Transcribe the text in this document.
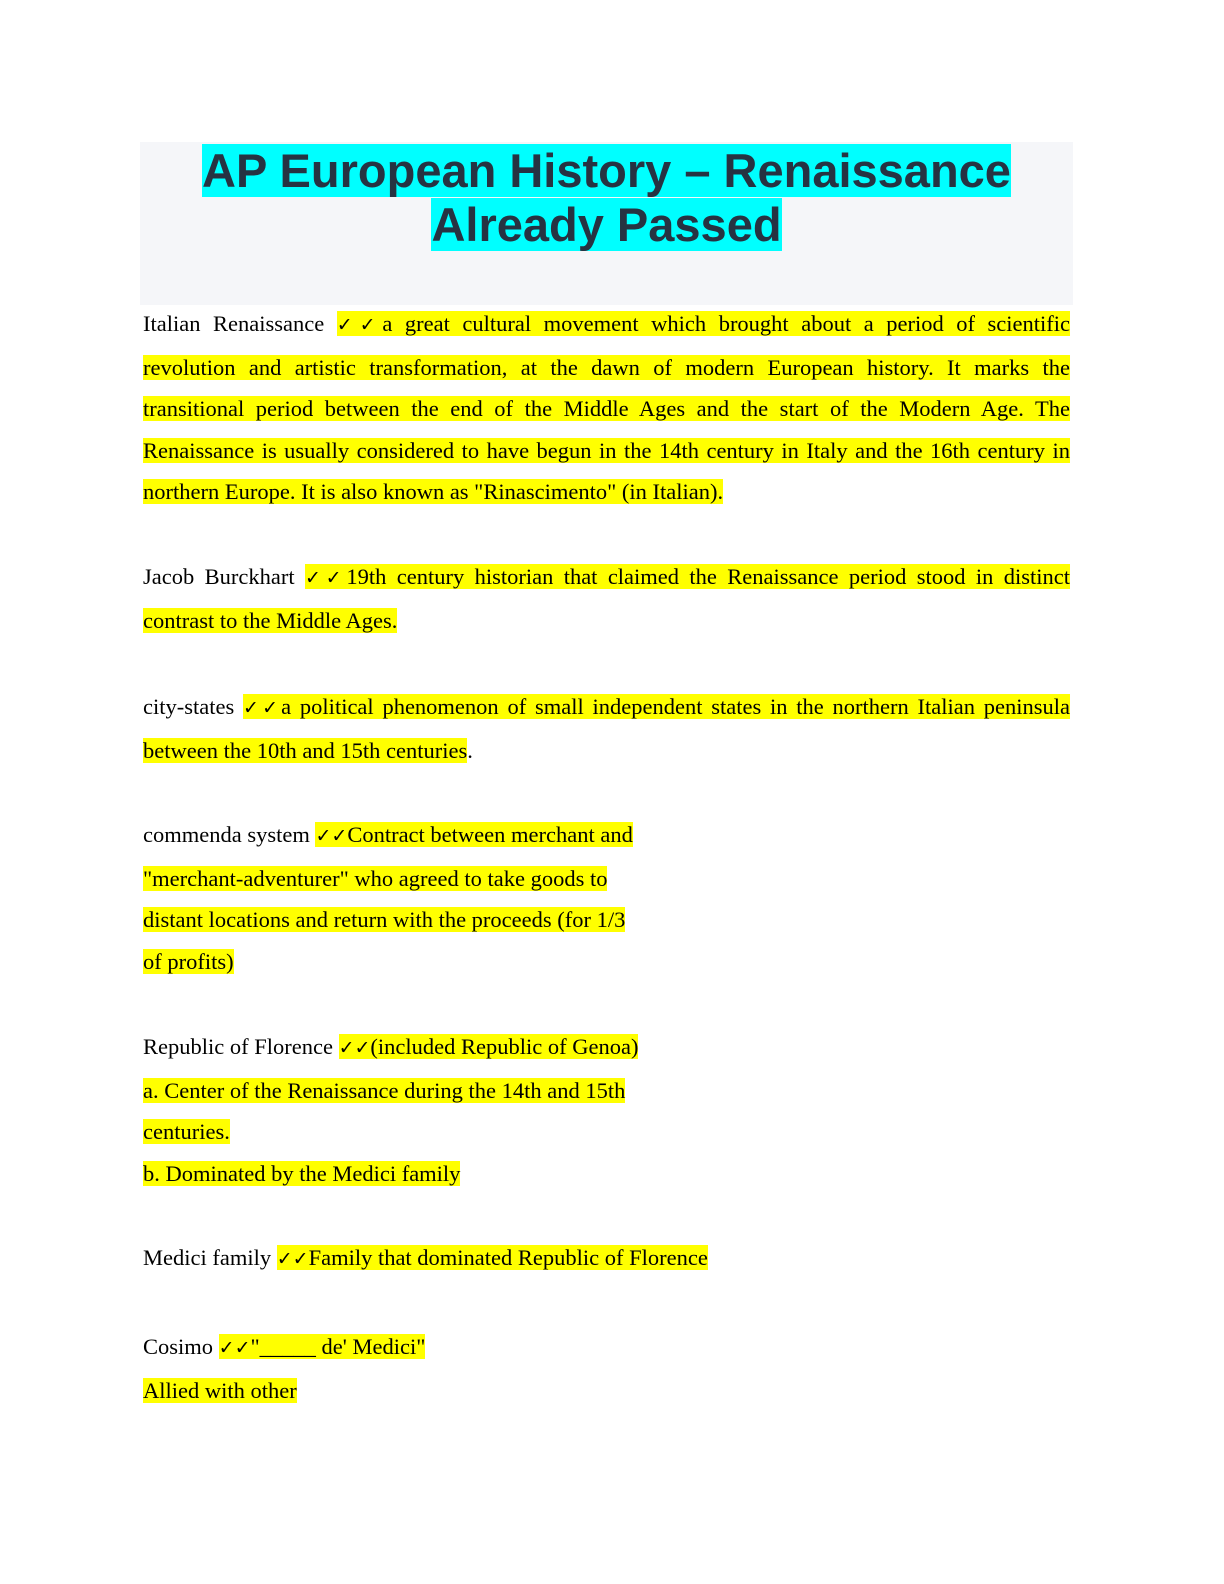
AP European History – Renaissance
Already Passed
Italian Renaissance ✓✓a great cultural movement which brought about a period of scientific revolution and artistic transformation, at the dawn of modern European history. It marks the transitional period between the end of the Middle Ages and the start of the Modern Age. The Renaissance is usually considered to have begun in the 14th century in Italy and the 16th century in northern Europe. It is also known as "Rinascimento" (in Italian).
Jacob Burckhart ✓✓19th century historian that claimed the Renaissance period stood in distinct contrast to the Middle Ages.
city-states ✓✓a political phenomenon of small independent states in the northern Italian peninsula between the 10th and 15th centuries.
commenda system ✓✓Contract between merchant and
"merchant-adventurer" who agreed to take goods to
distant locations and return with the proceeds (for 1/3
of profits)
Republic of Florence ✓✓(included Republic of Genoa)
a. Center of the Renaissance during the 14th and 15th
centuries.
b. Dominated by the Medici family
Medici family ✓✓Family that dominated Republic of Florence
Cosimo ✓✓"_____ de' Medici"
Allied with other
